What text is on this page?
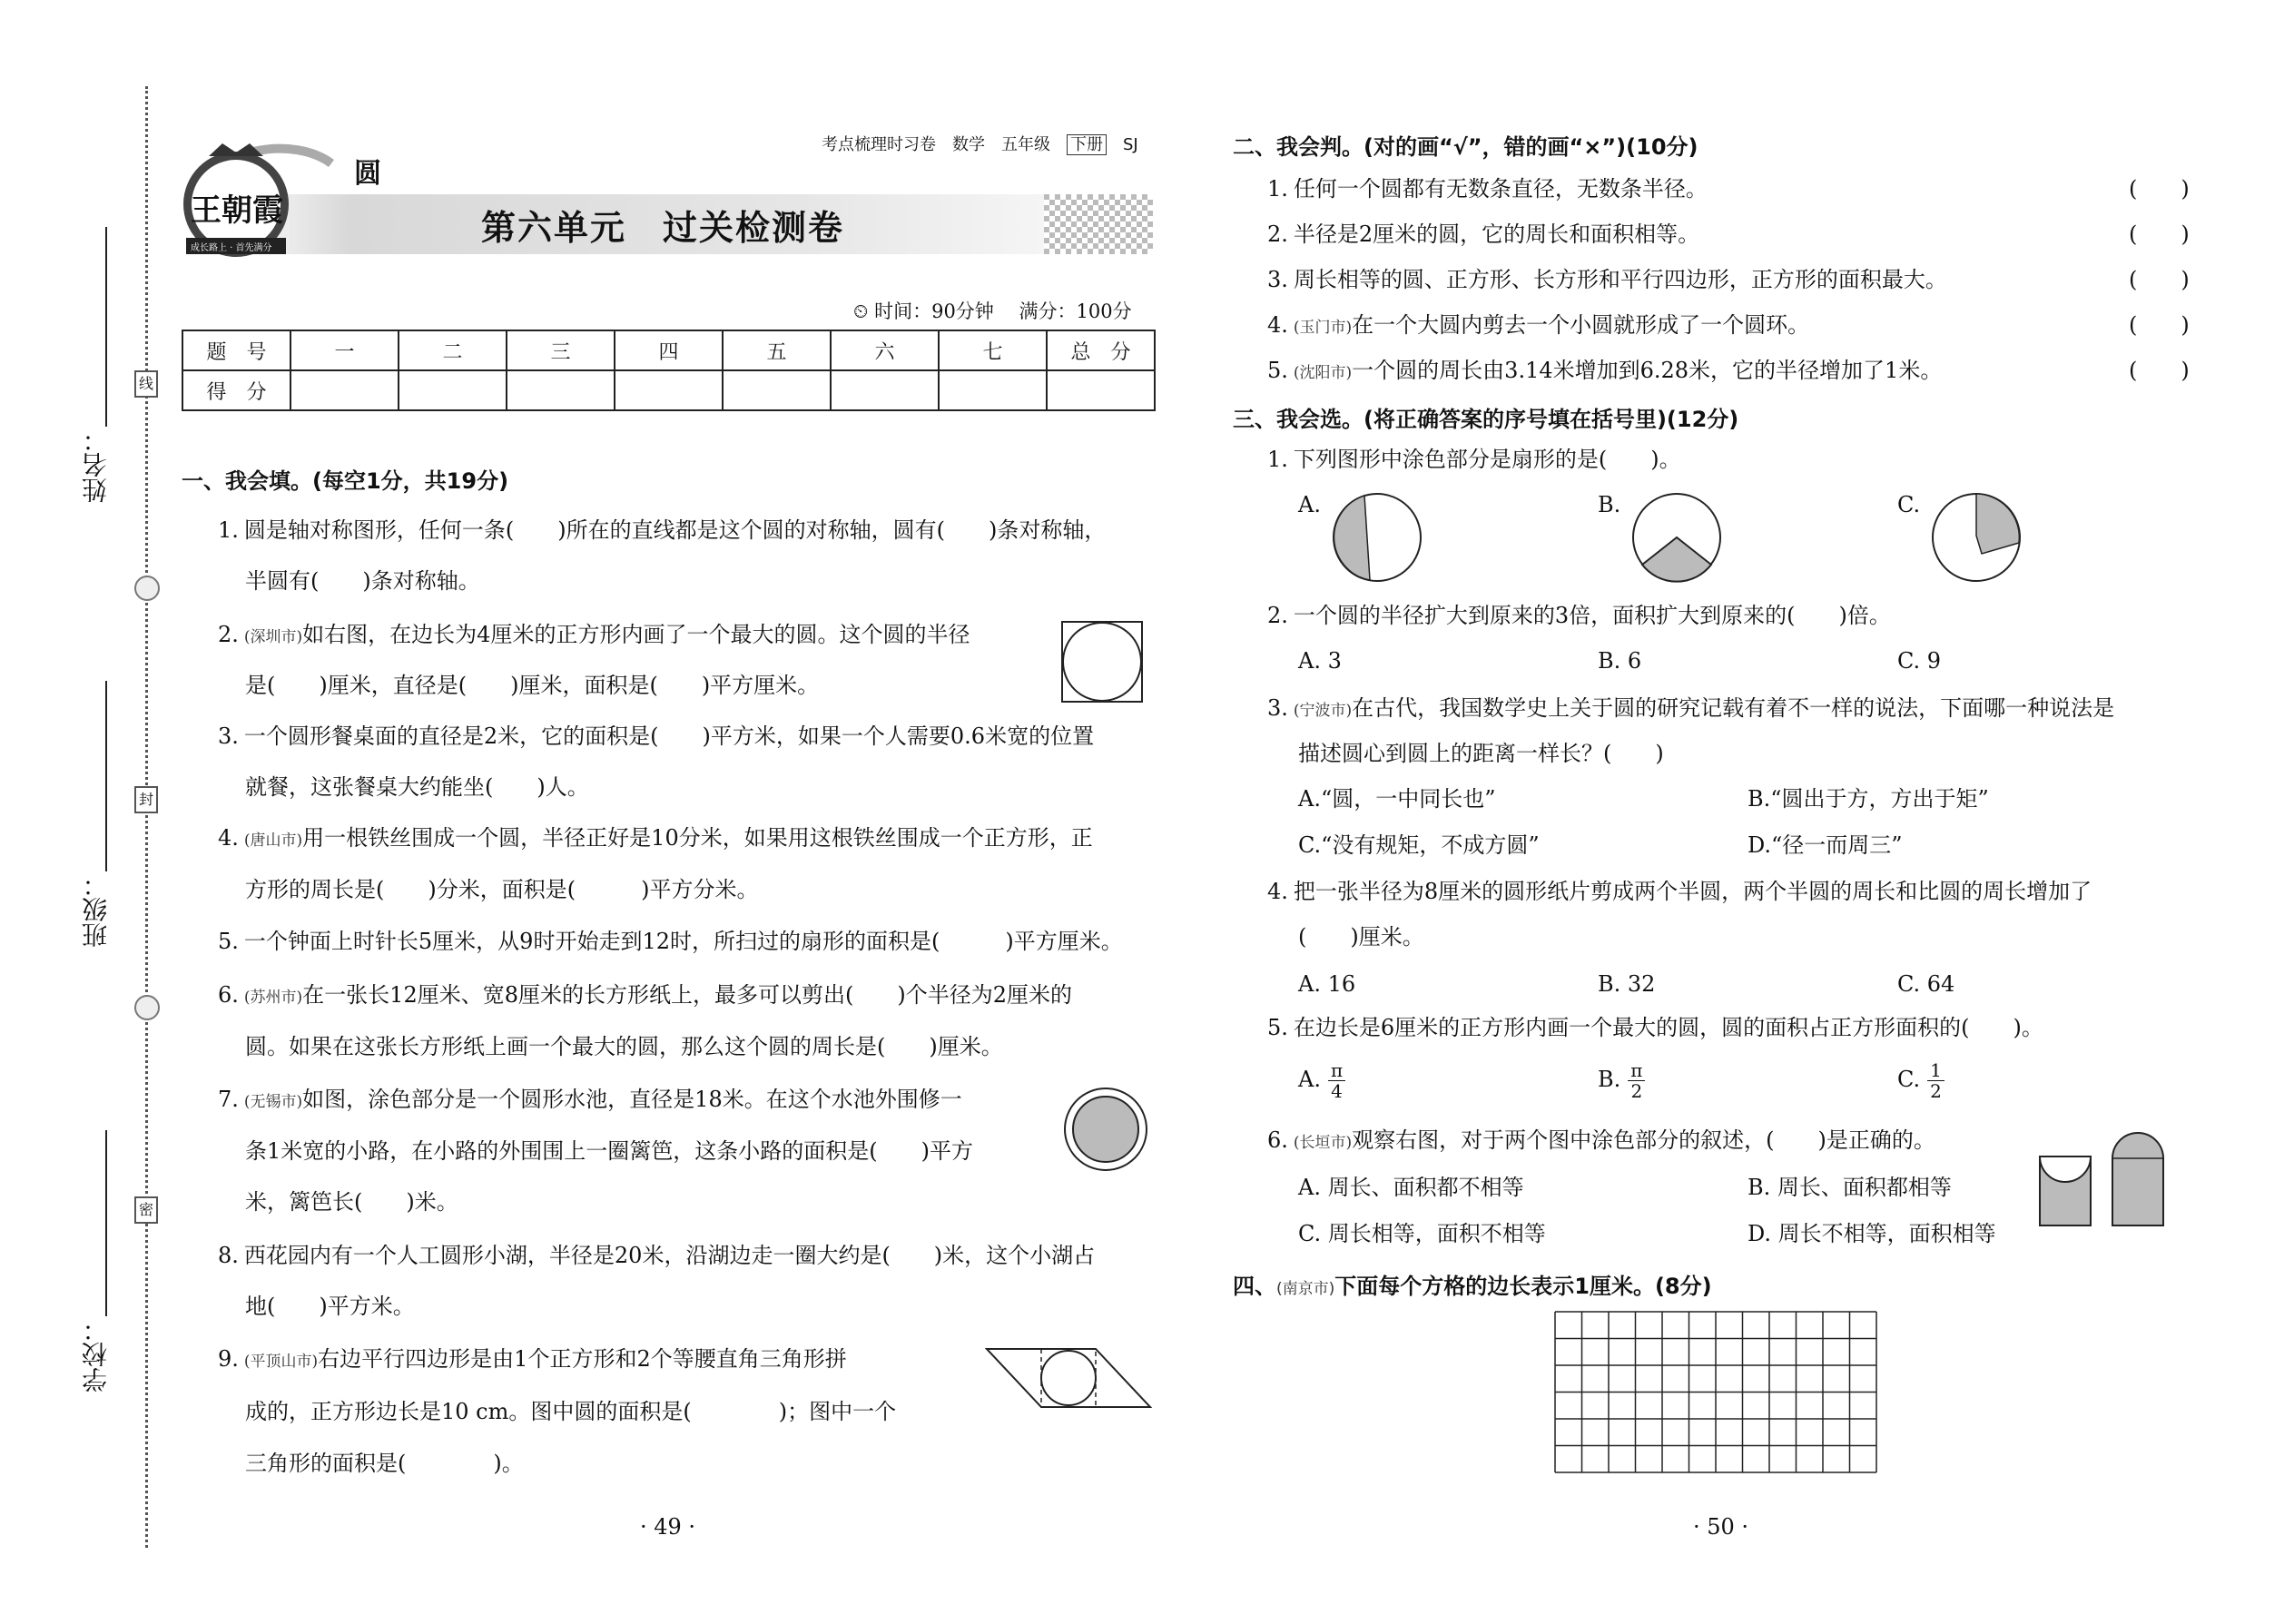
姓名：
班级：
学校：
线
封
密
王朝霞
成长路上 · 首先满分
圆
考点梳理时习卷　数学　五年级　 下册　 SJ
第六单元　过关检测卷
⏲ 时间：90分钟　 满分：100分
题　号	一	二	三	四	五	六	七	总　分
得　分								
一、我会填。(每空1分，共19分)
1. 圆是轴对称图形，任何一条(　　)所在的直线都是这个圆的对称轴，圆有(　　)条对称轴，
半圆有(　　)条对称轴。
2. (深圳市)如右图，在边长为4厘米的正方形内画了一个最大的圆。这个圆的半径
是(　　)厘米，直径是(　　)厘米，面积是(　　)平方厘米。
3. 一个圆形餐桌面的直径是2米，它的面积是(　　)平方米，如果一个人需要0.6米宽的位置
就餐，这张餐桌大约能坐(　　)人。
4. (唐山市)用一根铁丝围成一个圆，半径正好是10分米，如果用这根铁丝围成一个正方形，正
方形的周长是(　　)分米，面积是(　　　)平方分米。
5. 一个钟面上时针长5厘米，从9时开始走到12时，所扫过的扇形的面积是(　　　)平方厘米。
6. (苏州市)在一张长12厘米、宽8厘米的长方形纸上，最多可以剪出(　　)个半径为2厘米的
圆。如果在这张长方形纸上画一个最大的圆，那么这个圆的周长是(　　)厘米。
7. (无锡市)如图，涂色部分是一个圆形水池，直径是18米。在这个水池外围修一
条1米宽的小路，在小路的外围围上一圈篱笆，这条小路的面积是(　　)平方
米，篱笆长(　　)米。
8. 西花园内有一个人工圆形小湖，半径是20米，沿湖边走一圈大约是(　　)米，这个小湖占
地(　　)平方米。
9. (平顶山市)右边平行四边形是由1个正方形和2个等腰直角三角形拼
成的，正方形边长是10 cm。图中圆的面积是(　　　　)；图中一个
三角形的面积是(　　　　)。
二、我会判。(对的画“√”，错的画“×”)(10分)
1. 任何一个圆都有无数条直径，无数条半径。	(　　)
2. 半径是2厘米的圆，它的周长和面积相等。	(　　)
3. 周长相等的圆、正方形、长方形和平行四边形，正方形的面积最大。	(　　)
4. (玉门市)在一个大圆内剪去一个小圆就形成了一个圆环。	(　　)
5. (沈阳市)一个圆的周长由3.14米增加到6.28米，它的半径增加了1米。	(　　)
三、我会选。(将正确答案的序号填在括号里)(12分)
1. 下列图形中涂色部分是扇形的是(　　)。
A.	B.	C.
2. 一个圆的半径扩大到原来的3倍，面积扩大到原来的(　　)倍。
A. 3	B. 6	C. 9
3. (宁波市)在古代，我国数学史上关于圆的研究记载有着不一样的说法，下面哪一种说法是
描述圆心到圆上的距离一样长？(　　)
A.“圆，一中同长也”	B.“圆出于方，方出于矩”
C.“没有规矩，不成方圆”	D.“径一而周三”
4. 把一张半径为8厘米的圆形纸片剪成两个半圆，两个半圆的周长和比圆的周长增加了
(　　)厘米。
A. 16	B. 32	C. 64
5. 在边长是6厘米的正方形内画一个最大的圆，圆的面积占正方形面积的(　　)。
A. $\frac{\pi}{4}$	B. $\frac{\pi}{2}$	C. $\frac{1}{2}$
6. (长垣市)观察右图，对于两个图中涂色部分的叙述，(　　)是正确的。
A. 周长、面积都不相等	B. 周长、面积都相等
C. 周长相等，面积不相等	D. 周长不相等，面积相等
四、(南京市)下面每个方格的边长表示1厘米。(8分)
· 49 ·	· 50 ·
